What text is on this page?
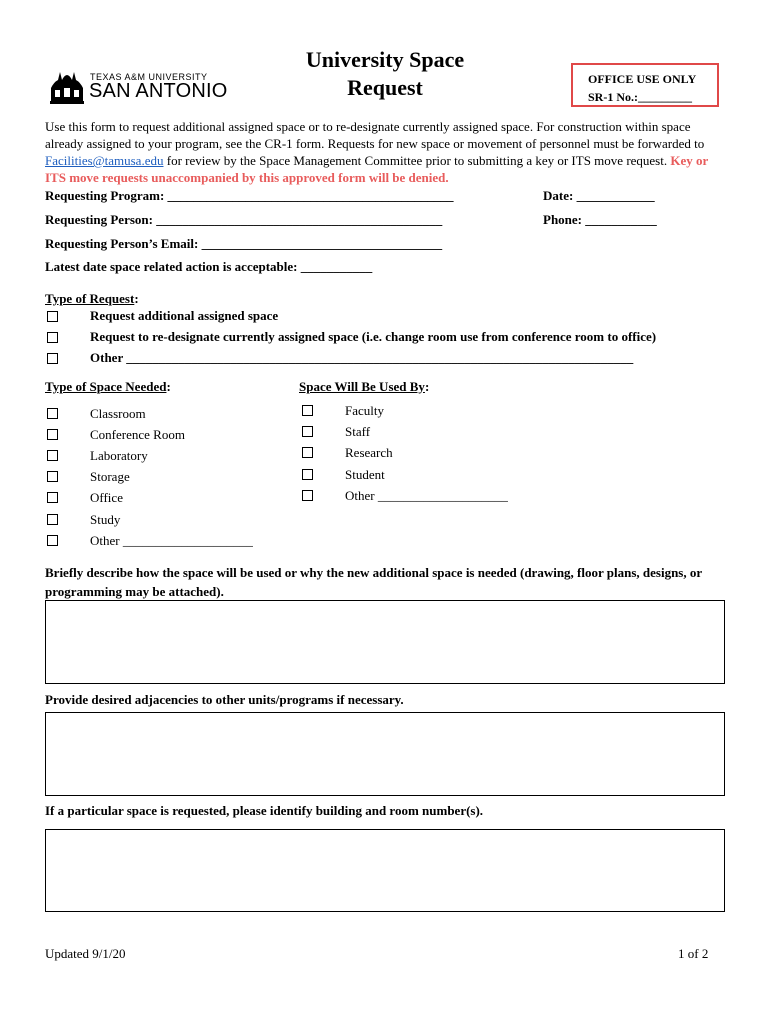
TEXAS A&M UNIVERSITY
SAN ANTONIO
University Space
Request	OFFICE USE ONLY
SR-1 No.:_________
Use this form to request additional assigned space or to re-designate currently assigned space. For construction within space already assigned to your program, see the CR-1 form. Requests for new space or movement of personnel must be forwarded to Facilities@tamusa.edu for review by the Space Management Committee prior to submitting a key or ITS move request. Key or ITS move requests unaccompanied by this approved form will be denied.
Requesting Program: ____________________________________________	Date: ____________
Requesting Person: ____________________________________________	Phone: ___________
Requesting Person’s Email: _____________________________________
Latest date space related action is acceptable: ___________
Type of Request:
Request additional assigned space
Request to re-designate currently assigned space (i.e. change room use from conference room to office)
Other ______________________________________________________________________________
Type of Space Needed:
Classroom
Conference Room
Laboratory
Storage
Office
Study
Other ____________________
Space Will Be Used By:
Faculty
Staff
Research
Student
Other ____________________
Briefly describe how the space will be used or why the new additional space is needed (drawing, floor plans, designs, or programming may be attached).
Provide desired adjacencies to other units/programs if necessary.
If a particular space is requested, please identify building and room number(s).
Updated 9/1/20	1 of 2
